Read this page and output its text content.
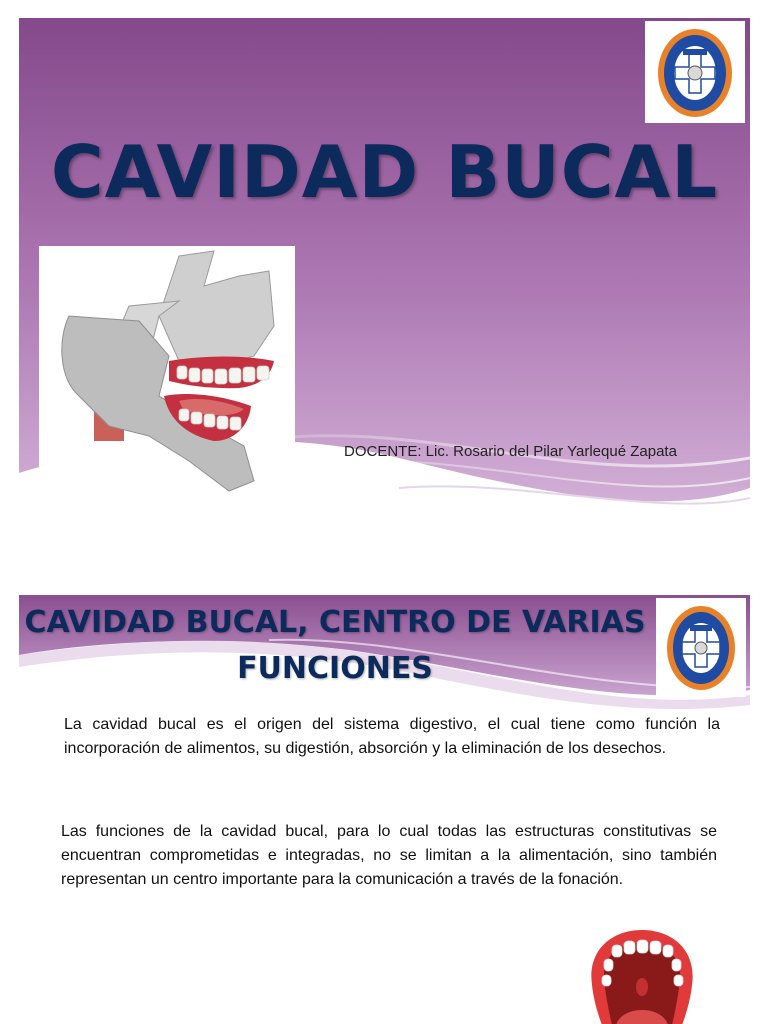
CAVIDAD BUCAL
DOCENTE: Lic. Rosario del Pilar Yarlequé Zapata
CAVIDAD BUCAL, CENTRO DE VARIAS
FUNCIONES

La cavidad bucal es el origen del sistema digestivo, el cual tiene como función la incorporación de alimentos, su digestión, absorción y la eliminación de los desechos.

Las funciones de la cavidad bucal, para lo cual todas las estructuras constitutivas se encuentran comprometidas e integradas, no se limitan a la alimentación, sino también representan un centro importante para la comunicación a través de la fonación.
